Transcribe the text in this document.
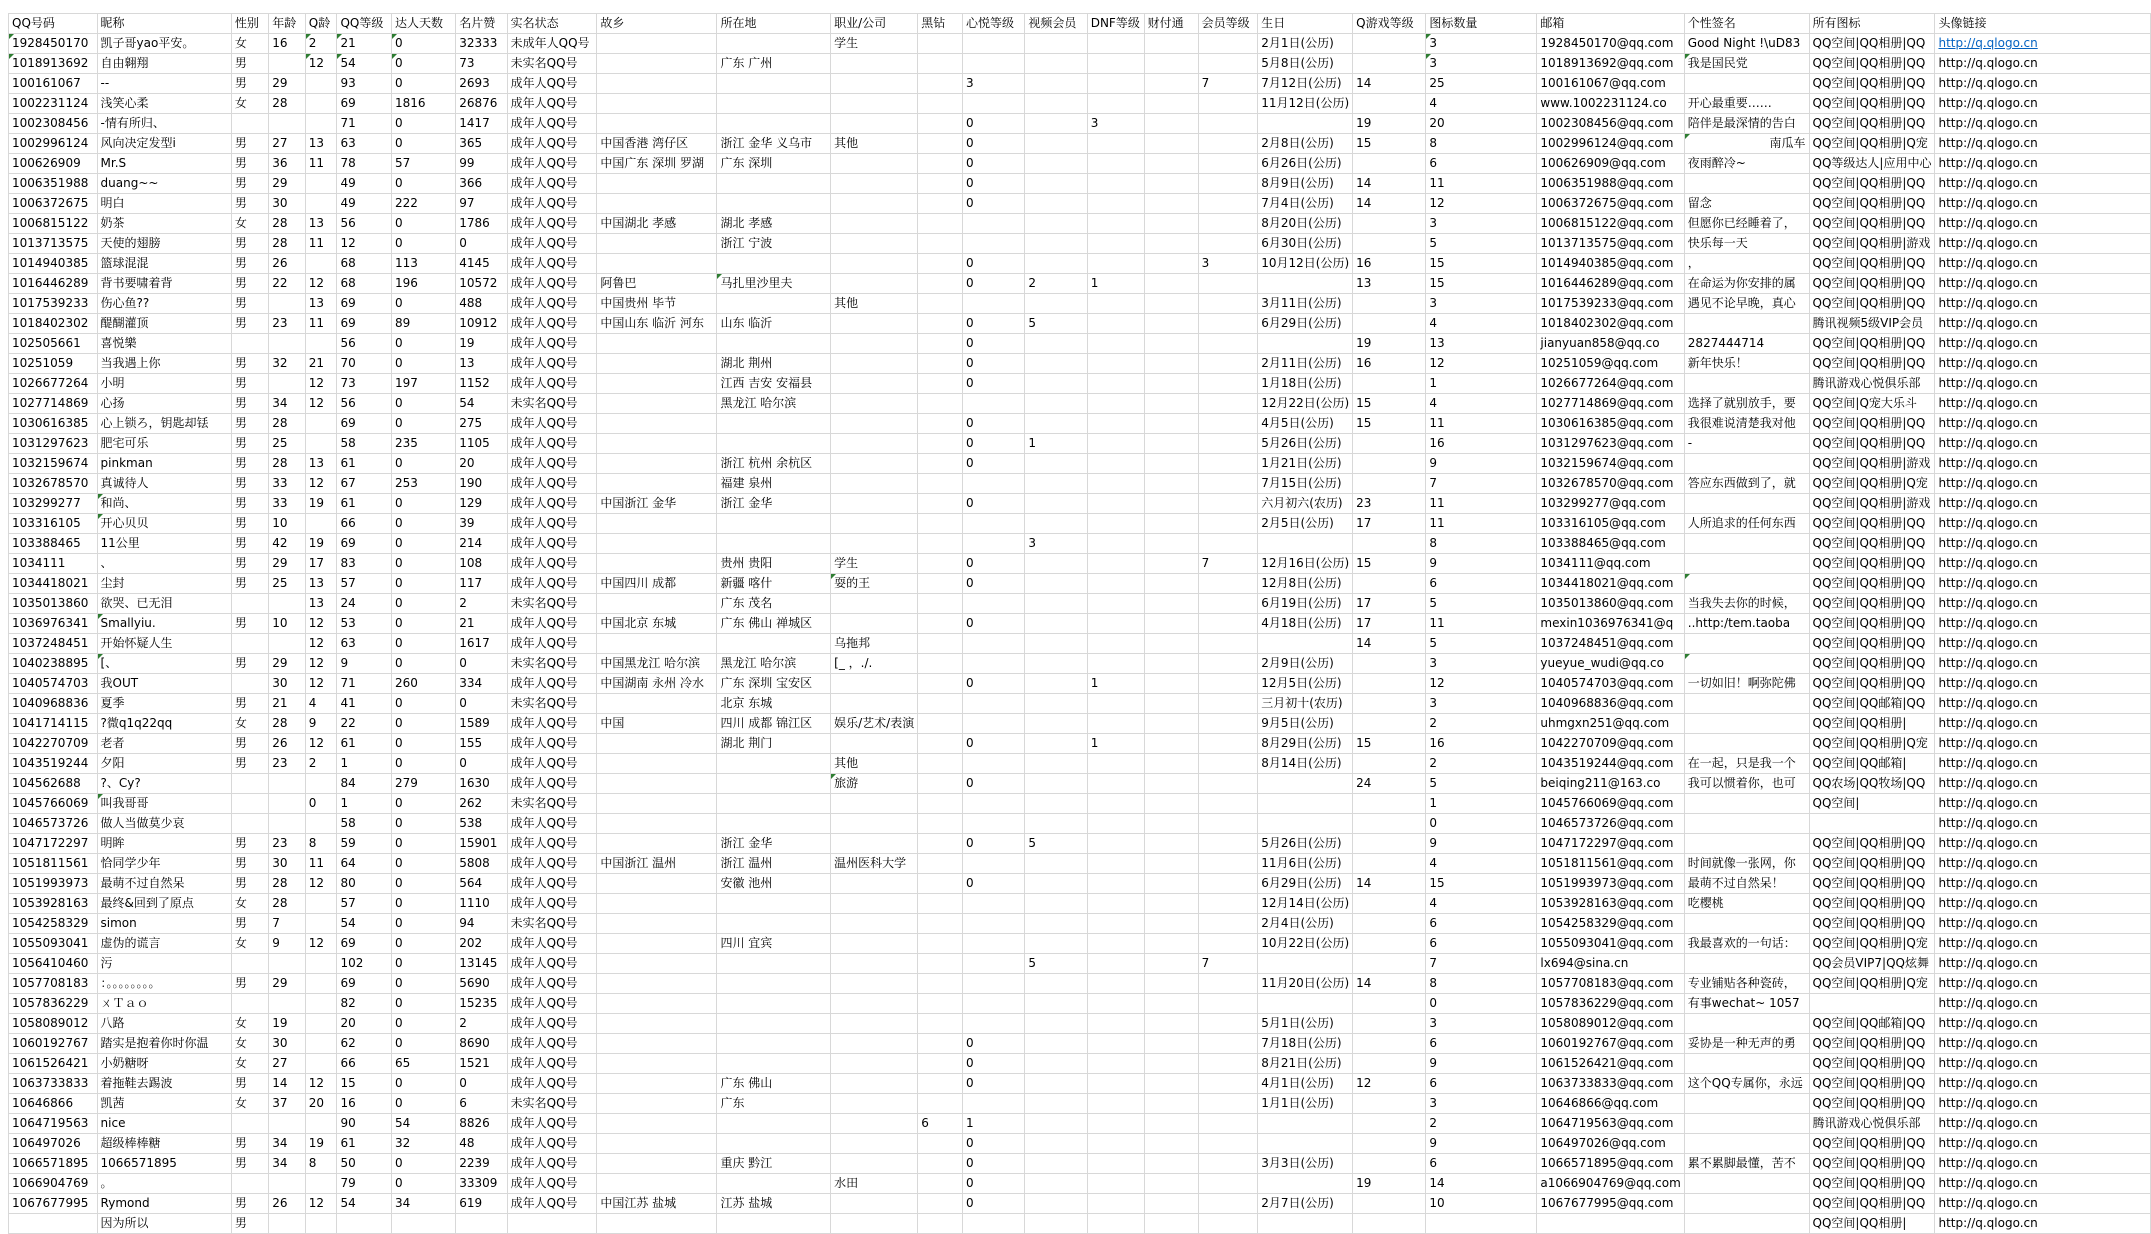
QQ号码	昵称	性别	年龄	Q龄	QQ等级	达人天数	名片赞	实名状态	故乡	所在地	职业/公司	黑钻	心悦等级	视频会员	DNF等级	财付通	会员等级	生日	Q游戏等级	图标数量	邮箱	个性签名	所有图标	头像链接
1928450170	凯子哥yao平安。	女	16	2	21	0	32333	未成年人QQ号			学生							2月1日(公历)		3	1928450170@qq.com	Good Night !\uD83	QQ空间|QQ相册|QQ	http://q.qlogo.cn
1018913692	自由翱翔	男		12	54	0	73	未实名QQ号		广东 广州								5月8日(公历)		3	1018913692@qq.com	我是国民党	QQ空间|QQ相册|QQ	http://q.qlogo.cn
100161067	--	男	29		93	0	2693	成年人QQ号					3				7	7月12日(公历)	14	25	100161067@qq.com		QQ空间|QQ相册|QQ	http://q.qlogo.cn
1002231124	浅笑心柔	女	28		69	1816	26876	成年人QQ号										11月12日(公历)		4	www.1002231124.co	开心最重要……	QQ空间|QQ相册|QQ	http://q.qlogo.cn
1002308456	-情有所归、				71	0	1417	成年人QQ号					0		3				19	20	1002308456@qq.com	陪伴是最深情的告白	QQ空间|QQ相册|QQ	http://q.qlogo.cn
1002996124	风向决定发型i	男	27	13	63	0	365	成年人QQ号	中国香港 湾仔区	浙江 金华 义乌市	其他		0					2月8日(公历)	15	8	1002996124@qq.com	南瓜车	QQ空间|QQ相册|Q宠	http://q.qlogo.cn
100626909	Mr.S	男	36	11	78	57	99	成年人QQ号	中国广东 深圳 罗湖	广东 深圳			0					6月26日(公历)		6	100626909@qq.com	夜雨醉冷~	QQ等级达人|应用中心	http://q.qlogo.cn
1006351988	duang~~	男	29		49	0	366	成年人QQ号					0					8月9日(公历)	14	11	1006351988@qq.com		QQ空间|QQ相册|QQ	http://q.qlogo.cn
1006372675	明白	男	30		49	222	97	成年人QQ号					0					7月4日(公历)	14	12	1006372675@qq.com	留念	QQ空间|QQ相册|QQ	http://q.qlogo.cn
1006815122	奶茶	女	28	13	56	0	1786	成年人QQ号	中国湖北 孝感	湖北 孝感								8月20日(公历)		3	1006815122@qq.com	但愿你已经睡着了，	QQ空间|QQ相册|QQ	http://q.qlogo.cn
1013713575	天使的翅膀	男	28	11	12	0	0	成年人QQ号		浙江 宁波								6月30日(公历)		5	1013713575@qq.com	快乐每一天	QQ空间|QQ相册|游戏	http://q.qlogo.cn
1014940385	篮球混混	男	26		68	113	4145	成年人QQ号					0				3	10月12日(公历)	16	15	1014940385@qq.com	，	QQ空间|QQ相册|QQ	http://q.qlogo.cn
1016446289	背书要啸着背	男	22	12	68	196	10572	成年人QQ号	阿鲁巴	马扎里沙里夫			0	2	1				13	15	1016446289@qq.com	在命运为你安排的属	QQ空间|QQ相册|QQ	http://q.qlogo.cn
1017539233	伤心鱼??	男		13	69	0	488	成年人QQ号	中国贵州 毕节		其他							3月11日(公历)		3	1017539233@qq.com	遇见不论早晚，真心	QQ空间|QQ相册|QQ	http://q.qlogo.cn
1018402302	醍醐灌顶	男	23	11	69	89	10912	成年人QQ号	中国山东 临沂 河东	山东 临沂			0	5				6月29日(公历)		4	1018402302@qq.com		腾讯视频5级VIP会员	http://q.qlogo.cn
102505661	喜悦樂				56	0	19	成年人QQ号					0						19	13	jianyuan858@qq.co	2827444714	QQ空间|QQ相册|QQ	http://q.qlogo.cn
10251059	当我遇上你	男	32	21	70	0	13	成年人QQ号		湖北 荆州			0					2月11日(公历)	16	12	10251059@qq.com	新年快乐！	QQ空间|QQ相册|QQ	http://q.qlogo.cn
1026677264	小明	男		12	73	197	1152	成年人QQ号		江西 吉安 安福县			0					1月18日(公历)		1	1026677264@qq.com		腾讯游戏心悦俱乐部	http://q.qlogo.cn
1027714869	心扬	男	34	12	56	0	54	未实名QQ号		黑龙江 哈尔滨								12月22日(公历)	15	4	1027714869@qq.com	选择了就别放手，要	QQ空间|Q宠大乐斗	http://q.qlogo.cn
1030616385	心上锁ろ，钥匙却铥	男	28		69	0	275	成年人QQ号					0					4月5日(公历)	15	11	1030616385@qq.com	我很难说清楚我对他	QQ空间|QQ相册|QQ	http://q.qlogo.cn
1031297623	肥宅可乐	男	25		58	235	1105	成年人QQ号					0	1				5月26日(公历)		16	1031297623@qq.com	-	QQ空间|QQ相册|QQ	http://q.qlogo.cn
1032159674	pinkman	男	28	13	61	0	20	成年人QQ号		浙江 杭州 余杭区			0					1月21日(公历)		9	1032159674@qq.com		QQ空间|QQ相册|游戏	http://q.qlogo.cn
1032678570	真诚待人	男	33	12	67	253	190	成年人QQ号		福建 泉州								7月15日(公历)		7	1032678570@qq.com	答应东西做到了，就	QQ空间|QQ相册|Q宠	http://q.qlogo.cn
103299277	和尚、	男	33	19	61	0	129	成年人QQ号	中国浙江 金华	浙江 金华			0					六月初六(农历)	23	11	103299277@qq.com		QQ空间|QQ相册|游戏	http://q.qlogo.cn
103316105	开心贝贝	男	10		66	0	39	成年人QQ号										2月5日(公历)	17	11	103316105@qq.com	人所追求的任何东西	QQ空间|QQ相册|QQ	http://q.qlogo.cn
103388465	11公里	男	42	19	69	0	214	成年人QQ号						3						8	103388465@qq.com		QQ空间|QQ相册|QQ	http://q.qlogo.cn
1034111	、	男	29	17	83	0	108	成年人QQ号		贵州 贵阳	学生		0				7	12月16日(公历)	15	9	1034111@qq.com		QQ空间|QQ相册|QQ	http://q.qlogo.cn
1034418021	尘封	男	25	13	57	0	117	成年人QQ号	中国四川 成都	新疆 喀什	耍的王		0					12月8日(公历)		6	1034418021@qq.com		QQ空间|QQ相册|QQ	http://q.qlogo.cn
1035013860	欲哭、已无泪			13	24	0	2	未实名QQ号		广东 茂名								6月19日(公历)	17	5	1035013860@qq.com	当我失去你的时候，	QQ空间|QQ相册|QQ	http://q.qlogo.cn
1036976341	Smallyiu.	男	10	12	53	0	21	成年人QQ号	中国北京 东城	广东 佛山 禅城区			0					4月18日(公历)	17	11	mexin1036976341@q	..http:/tem.taoba	QQ空间|QQ相册|QQ	http://q.qlogo.cn
1037248451	开始怀疑人生			12	63	0	1617	成年人QQ号			乌拖邦								14	5	1037248451@qq.com		QQ空间|QQ相册|QQ	http://q.qlogo.cn
1040238895	[、	男	29	12	9	0	0	未实名QQ号	中国黑龙江 哈尔滨	黑龙江 哈尔滨	[_ ，./.							2月9日(公历)		3	yueyue_wudi@qq.co		QQ空间|QQ相册|QQ	http://q.qlogo.cn
1040574703	我OUT		30	12	71	260	334	成年人QQ号	中国湖南 永州 冷水	广东 深圳 宝安区			0		1			12月5日(公历)		12	1040574703@qq.com	一切如旧！啊弥陀佛	QQ空间|QQ相册|QQ	http://q.qlogo.cn
1040968836	夏季	男	21	4	41	0	0	未实名QQ号		北京 东城								三月初十(农历)		3	1040968836@qq.com		QQ空间|QQ邮箱|QQ	http://q.qlogo.cn
1041714115	?微q1q22qq	女	28	9	22	0	1589	成年人QQ号	中国	四川 成都 锦江区	娱乐/艺术/表演							9月5日(公历)		2	uhmgxn251@qq.com		QQ空间|QQ相册|	http://q.qlogo.cn
1042270709	老者	男	26	12	61	0	155	成年人QQ号		湖北 荆门			0		1			8月29日(公历)	15	16	1042270709@qq.com		QQ空间|QQ相册|Q宠	http://q.qlogo.cn
1043519244	夕阳	男	23	2	1	0	0	成年人QQ号			其他							8月14日(公历)		2	1043519244@qq.com	在一起，只是我一个	QQ空间|QQ邮箱|	http://q.qlogo.cn
104562688	?、Cy?				84	279	1630	成年人QQ号			旅游		0						24	5	beiqing211@163.co	我可以惯着你，也可	QQ农场|QQ牧场|QQ	http://q.qlogo.cn
1045766069	叫我哥哥			0	1	0	262	未实名QQ号												1	1045766069@qq.com		QQ空间|	http://q.qlogo.cn
1046573726	做人当做莫少哀				58	0	538	成年人QQ号												0	1046573726@qq.com			http://q.qlogo.cn
1047172297	明眸	男	23	8	59	0	15901	成年人QQ号		浙江 金华			0	5				5月26日(公历)		9	1047172297@qq.com		QQ空间|QQ相册|QQ	http://q.qlogo.cn
1051811561	恰同学少年	男	30	11	64	0	5808	成年人QQ号	中国浙江 温州	浙江 温州	温州医科大学							11月6日(公历)		4	1051811561@qq.com	时间就像一张网，你	QQ空间|QQ相册|QQ	http://q.qlogo.cn
1051993973	最萌不过自然呆	男	28	12	80	0	564	成年人QQ号		安徽 池州			0					6月29日(公历)	14	15	1051993973@qq.com	最萌不过自然呆！	QQ空间|QQ相册|QQ	http://q.qlogo.cn
1053928163	最终&回到了原点	女	28		57	0	1110	成年人QQ号										12月14日(公历)		4	1053928163@qq.com	吃樱桃	QQ空间|QQ相册|QQ	http://q.qlogo.cn
1054258329	simon	男	7		54	0	94	未实名QQ号										2月4日(公历)		6	1054258329@qq.com		QQ空间|QQ相册|QQ	http://q.qlogo.cn
1055093041	虚伪的谎言	女	9	12	69	0	202	成年人QQ号		四川 宜宾								10月22日(公历)		6	1055093041@qq.com	我最喜欢的一句话：	QQ空间|QQ相册|Q宠	http://q.qlogo.cn
1056410460	污				102	0	13145	成年人QQ号						5			7			7	lx694@sina.cn		QQ会员VIP7|QQ炫舞	http://q.qlogo.cn
1057708183	：。。。。。。。。	男	29		69	0	5690	成年人QQ号										11月20日(公历)	14	8	1057708183@qq.com	专业铺贴各种瓷砖，	QQ空间|QQ相册|Q宠	http://q.qlogo.cn
1057836229	ㄨＴａｏ				82	0	15235	成年人QQ号												0	1057836229@qq.com	有事wechat~ 1057		http://q.qlogo.cn
1058089012	八路	女	19		20	0	2	成年人QQ号										5月1日(公历)		3	1058089012@qq.com		QQ空间|QQ邮箱|QQ	http://q.qlogo.cn
1060192767	踏实是抱着你时你温	女	30		62	0	8690	成年人QQ号					0					7月18日(公历)		6	1060192767@qq.com	妥协是一种无声的勇	QQ空间|QQ相册|QQ	http://q.qlogo.cn
1061526421	小奶糖呀	女	27		66	65	1521	成年人QQ号					0					8月21日(公历)		9	1061526421@qq.com		QQ空间|QQ相册|QQ	http://q.qlogo.cn
1063733833	着拖鞋去踢波	男	14	12	15	0	0	成年人QQ号		广东 佛山			0					4月1日(公历)	12	6	1063733833@qq.com	这个QQ专属你，永远	QQ空间|QQ相册|QQ	http://q.qlogo.cn
10646866	凯茜	女	37	20	16	0	6	未实名QQ号		广东								1月1日(公历)		3	10646866@qq.com		QQ空间|QQ相册|QQ	http://q.qlogo.cn
1064719563	nice				90	54	8826	成年人QQ号				6	1							2	1064719563@qq.com		腾讯游戏心悦俱乐部	http://q.qlogo.cn
106497026	超级棒棒糖	男	34	19	61	32	48	成年人QQ号					0							9	106497026@qq.com		QQ空间|QQ相册|QQ	http://q.qlogo.cn
1066571895	1066571895	男	34	8	50	0	2239	成年人QQ号		重庆 黔江			0					3月3日(公历)		6	1066571895@qq.com	累不累脚最懂，苦不	QQ空间|QQ相册|QQ	http://q.qlogo.cn
1066904769	。				79	0	33309	成年人QQ号			水田		0						19	14	a1066904769@qq.com		QQ空间|QQ相册|QQ	http://q.qlogo.cn
1067677995	Rymond	男	26	12	54	34	619	成年人QQ号	中国江苏 盐城	江苏 盐城			0					2月7日(公历)		10	1067677995@qq.com		QQ空间|QQ相册|QQ	http://q.qlogo.cn
	因为所以	男																					QQ空间|QQ相册|	http://q.qlogo.cn
